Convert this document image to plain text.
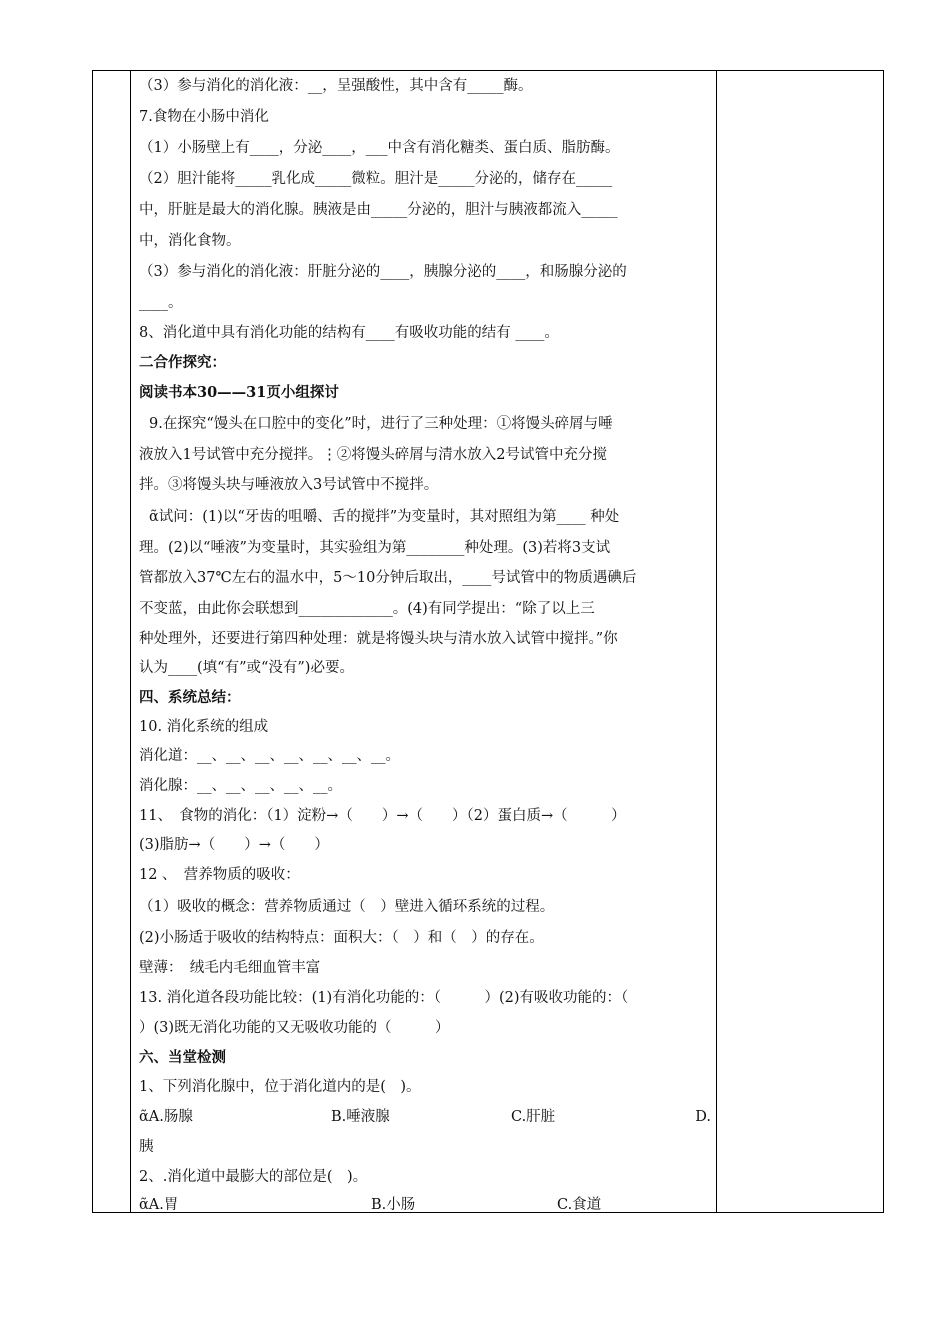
（3）参与消化的消化液：__，呈强酸性，其中含有_____酶。
7.食物在小肠中消化
（1）小肠壁上有____，分泌____，___中含有消化糖类、蛋白质、脂肪酶。
（2）胆汁能将_____乳化成_____微粒。胆汁是_____分泌的，储存在_____
中，肝脏是最大的消化腺。胰液是由_____分泌的，胆汁与胰液都流入_____
中，消化食物。
（3）参与消化的消化液：肝脏分泌的____，胰腺分泌的____，和肠腺分泌的
____。
8、消化道中具有消化功能的结构有____有吸收功能的结有 ____。
二合作探究：
阅读书本30——31页小组探讨
9.在探究“馒头在口腔中的变化”时，进行了三种处理：①将馒头碎屑与唾
液放入1号试管中充分搅拌。⋮②将馒头碎屑与清水放入2号试管中充分搅
拌。③将馒头块与唾液放入3号试管中不搅拌。
ᾶ试问：(1)以“牙齿的咀嚼、舌的搅拌”为变量时，其对照组为第____ 种处
理。(2)以“唾液”为变量时，其实验组为第________种处理。(3)若将3支试
管都放入37℃左右的温水中，5～10分钟后取出，____号试管中的物质遇碘后
不变蓝，由此你会联想到_____________。(4)有同学提出：“除了以上三
种处理外，还要进行第四种处理：就是将馒头块与清水放入试管中搅拌。”你
认为____(填“有”或“没有”)必要。
四、系统总结：
10. 消化系统的组成
消化道：__、__、__、__、__、__、__。
消化腺：__、__、__、__、__。
11、　食物的消化：（1）淀粉→（　　）→（　　）（2）蛋白质→（　　　）
(3)脂肪→（　　）→（　　）
12 、　营养物质的吸收：
（1）吸收的概念：营养物质通过（　）壁进入循环系统的过程。
(2)小肠适于吸收的结构特点：面积大：（　）和（　）的存在。
壁薄：　绒毛内毛细血管丰富
13. 消化道各段功能比较：(1)有消化功能的：（　　　）(2)有吸收功能的：（
）(3)既无消化功能的又无吸收功能的（　　　）
六、当堂检测
1、下列消化腺中，位于消化道内的是(　)。
ᾶA.肠腺	B.唾液腺	C.肝脏	D.
胰
2、.消化道中最膨大的部位是(　)。
ᾶA.胃	B.小肠	C.食道
